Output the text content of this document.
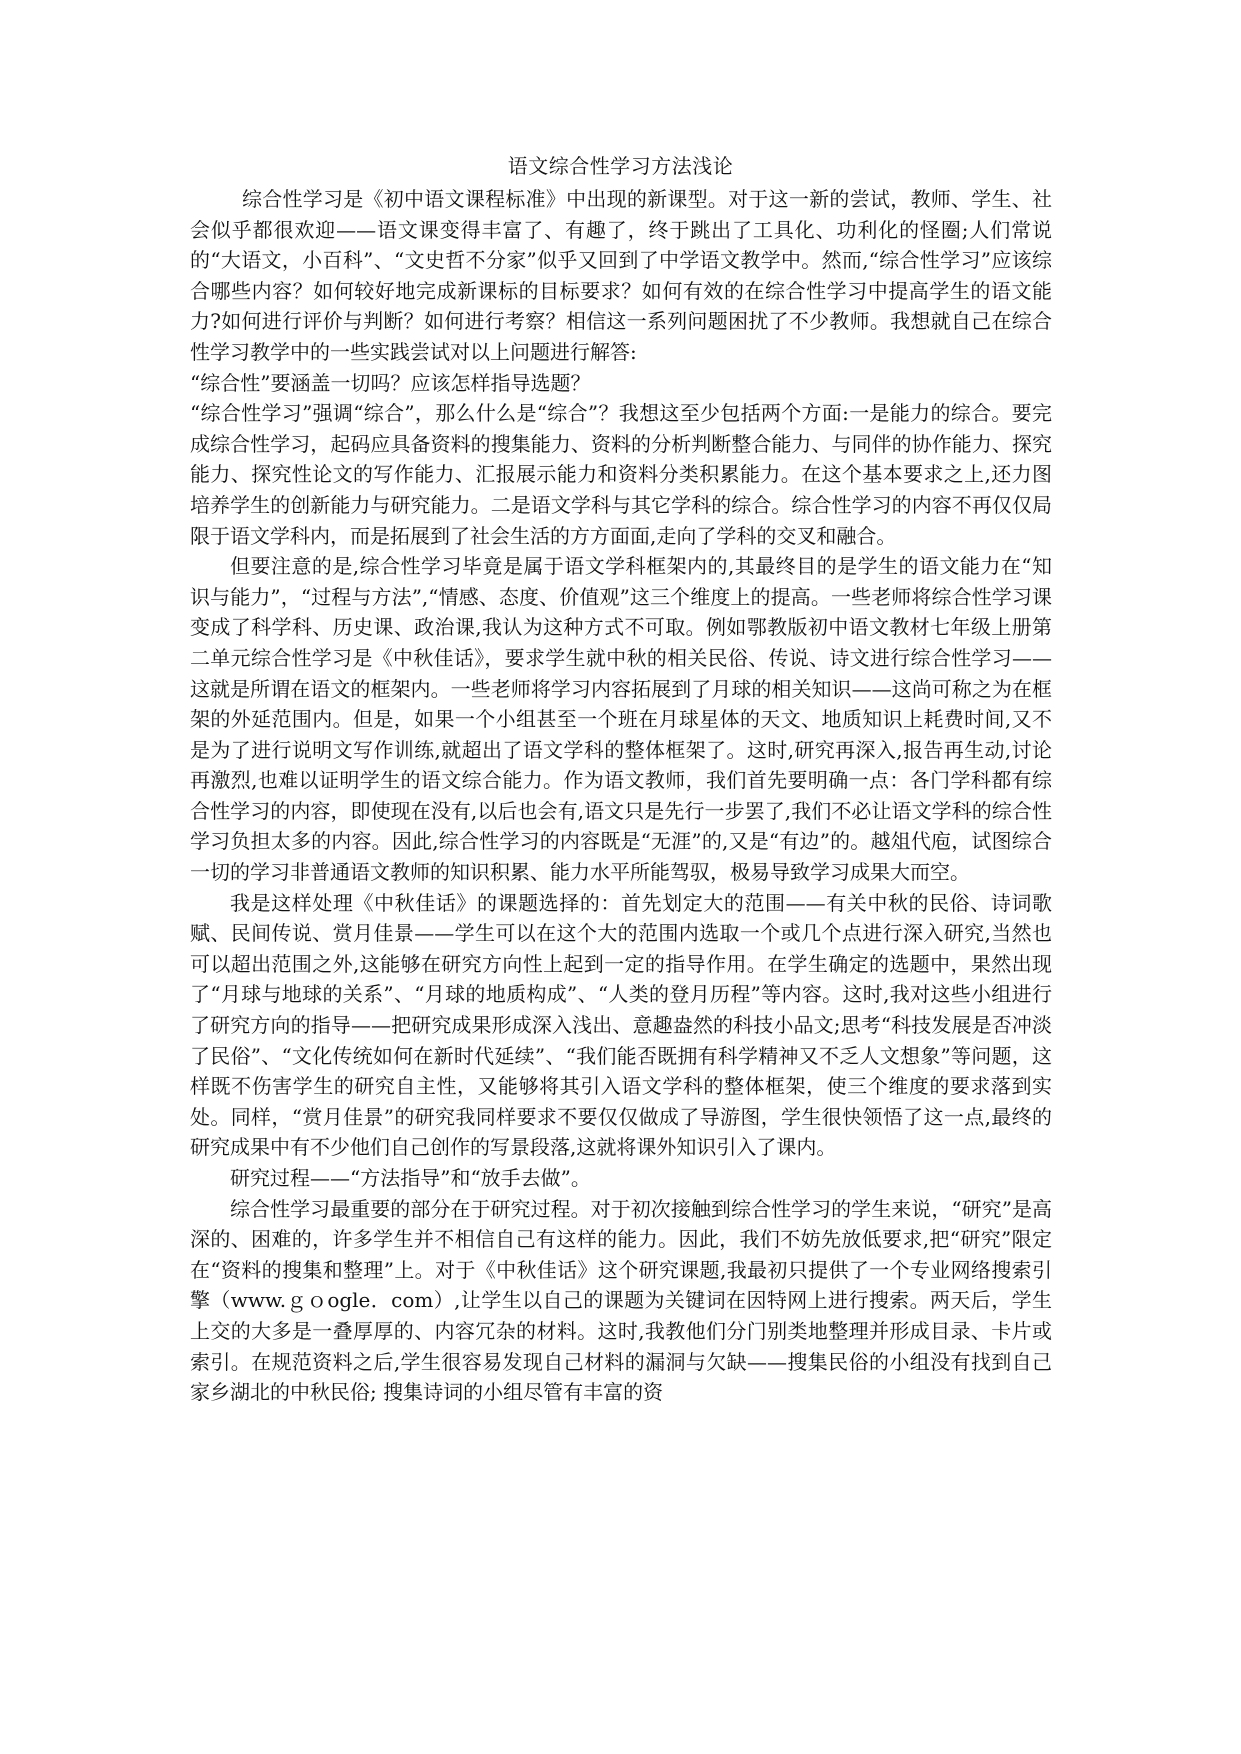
语文综合性学习方法浅论

综合性学习是《初中语文课程标准》中出现的新课型。对于这一新的尝试，教师、学生、社会似乎都很欢迎——语文课变得丰富了、有趣了，终于跳出了工具化、功利化的怪圈;人们常说的“大语文，小百科”、“文史哲不分家”似乎又回到了中学语文教学中。然而,“综合性学习”应该综合哪些内容？如何较好地完成新课标的目标要求？如何有效的在综合性学习中提高学生的语文能力?如何进行评价与判断？如何进行考察？相信这一系列问题困扰了不少教师。我想就自己在综合性学习教学中的一些实践尝试对以上问题进行解答:

“综合性”要涵盖一切吗？应该怎样指导选题？

“综合性学习”强调“综合”，那么什么是“综合”？我想这至少包括两个方面:一是能力的综合。要完成综合性学习，起码应具备资料的搜集能力、资料的分析判断整合能力、与同伴的协作能力、探究能力、探究性论文的写作能力、汇报展示能力和资料分类积累能力。在这个基本要求之上,还力图培养学生的创新能力与研究能力。二是语文学科与其它学科的综合。综合性学习的内容不再仅仅局限于语文学科内，而是拓展到了社会生活的方方面面,走向了学科的交叉和融合。

但要注意的是,综合性学习毕竟是属于语文学科框架内的,其最终目的是学生的语文能力在“知识与能力”，“过程与方法”,“情感、态度、价值观”这三个维度上的提高。一些老师将综合性学习课变成了科学科、历史课、政治课,我认为这种方式不可取。例如鄂教版初中语文教材七年级上册第二单元综合性学习是《中秋佳话》，要求学生就中秋的相关民俗、传说、诗文进行综合性学习——这就是所谓在语文的框架内。一些老师将学习内容拓展到了月球的相关知识——这尚可称之为在框架的外延范围内。但是，如果一个小组甚至一个班在月球星体的天文、地质知识上耗费时间,又不是为了进行说明文写作训练,就超出了语文学科的整体框架了。这时,研究再深入,报告再生动,讨论再激烈,也难以证明学生的语文综合能力。作为语文教师，我们首先要明确一点：各门学科都有综合性学习的内容，即使现在没有,以后也会有,语文只是先行一步罢了,我们不必让语文学科的综合性学习负担太多的内容。因此,综合性学习的内容既是“无涯”的,又是“有边”的。越俎代庖，试图综合一切的学习非普通语文教师的知识积累、能力水平所能驾驭，极易导致学习成果大而空。

我是这样处理《中秋佳话》的课题选择的：首先划定大的范围——有关中秋的民俗、诗词歌赋、民间传说、赏月佳景——学生可以在这个大的范围内选取一个或几个点进行深入研究,当然也可以超出范围之外,这能够在研究方向性上起到一定的指导作用。在学生确定的选题中，果然出现了“月球与地球的关系”、“月球的地质构成”、“人类的登月历程”等内容。这时,我对这些小组进行了研究方向的指导——把研究成果形成深入浅出、意趣盎然的科技小品文;思考“科技发展是否冲淡了民俗”、“文化传统如何在新时代延续”、“我们能否既拥有科学精神又不乏人文想象”等问题，这样既不伤害学生的研究自主性，又能够将其引入语文学科的整体框架，使三个维度的要求落到实处。同样，“赏月佳景”的研究我同样要求不要仅仅做成了导游图，学生很快领悟了这一点,最终的研究成果中有不少他们自己创作的写景段落,这就将课外知识引入了课内。

研究过程——“方法指导”和“放手去做”。

综合性学习最重要的部分在于研究过程。对于初次接触到综合性学习的学生来说，“研究”是高深的、困难的，许多学生并不相信自己有这样的能力。因此，我们不妨先放低要求,把“研究”限定在“资料的搜集和整理”上。对于《中秋佳话》这个研究课题,我最初只提供了一个专业网络搜索引擎（www.ｇｏogle．com）,让学生以自己的课题为关键词在因特网上进行搜索。两天后，学生上交的大多是一叠厚厚的、内容冗杂的材料。这时,我教他们分门别类地整理并形成目录、卡片或索引。在规范资料之后,学生很容易发现自己材料的漏洞与欠缺——搜集民俗的小组没有找到自己家乡湖北的中秋民俗; 搜集诗词的小组尽管有丰富的资
